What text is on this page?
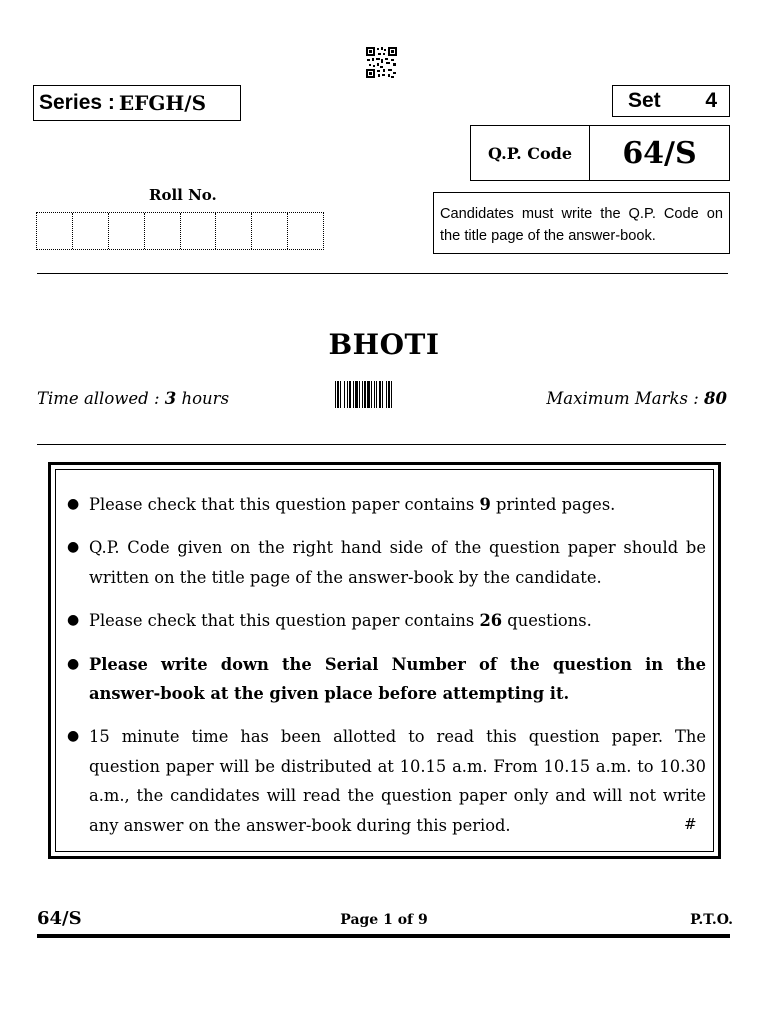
Series : EFGH/S	Set 4
Q.P. Code	64/S
Candidates must write the Q.P. Code on the title page of the answer-book.
Roll No.
BHOTI
Time allowed : 3 hours	Maximum Marks : 80
● Please check that this question paper contains 9 printed pages.
● Q.P. Code given on the right hand side of the question paper should be written on the title page of the answer-book by the candidate.
● Please check that this question paper contains 26 questions.
● Please write down the Serial Number of the question in the answer-book at the given place before attempting it.
● 15 minute time has been allotted to read this question paper. The question paper will be distributed at 10.15 a.m. From 10.15 a.m. to 10.30 a.m., the candidates will read the question paper only and will not write any answer on the answer-book during this period.	#
64/S	Page 1 of 9	P.T.O.
